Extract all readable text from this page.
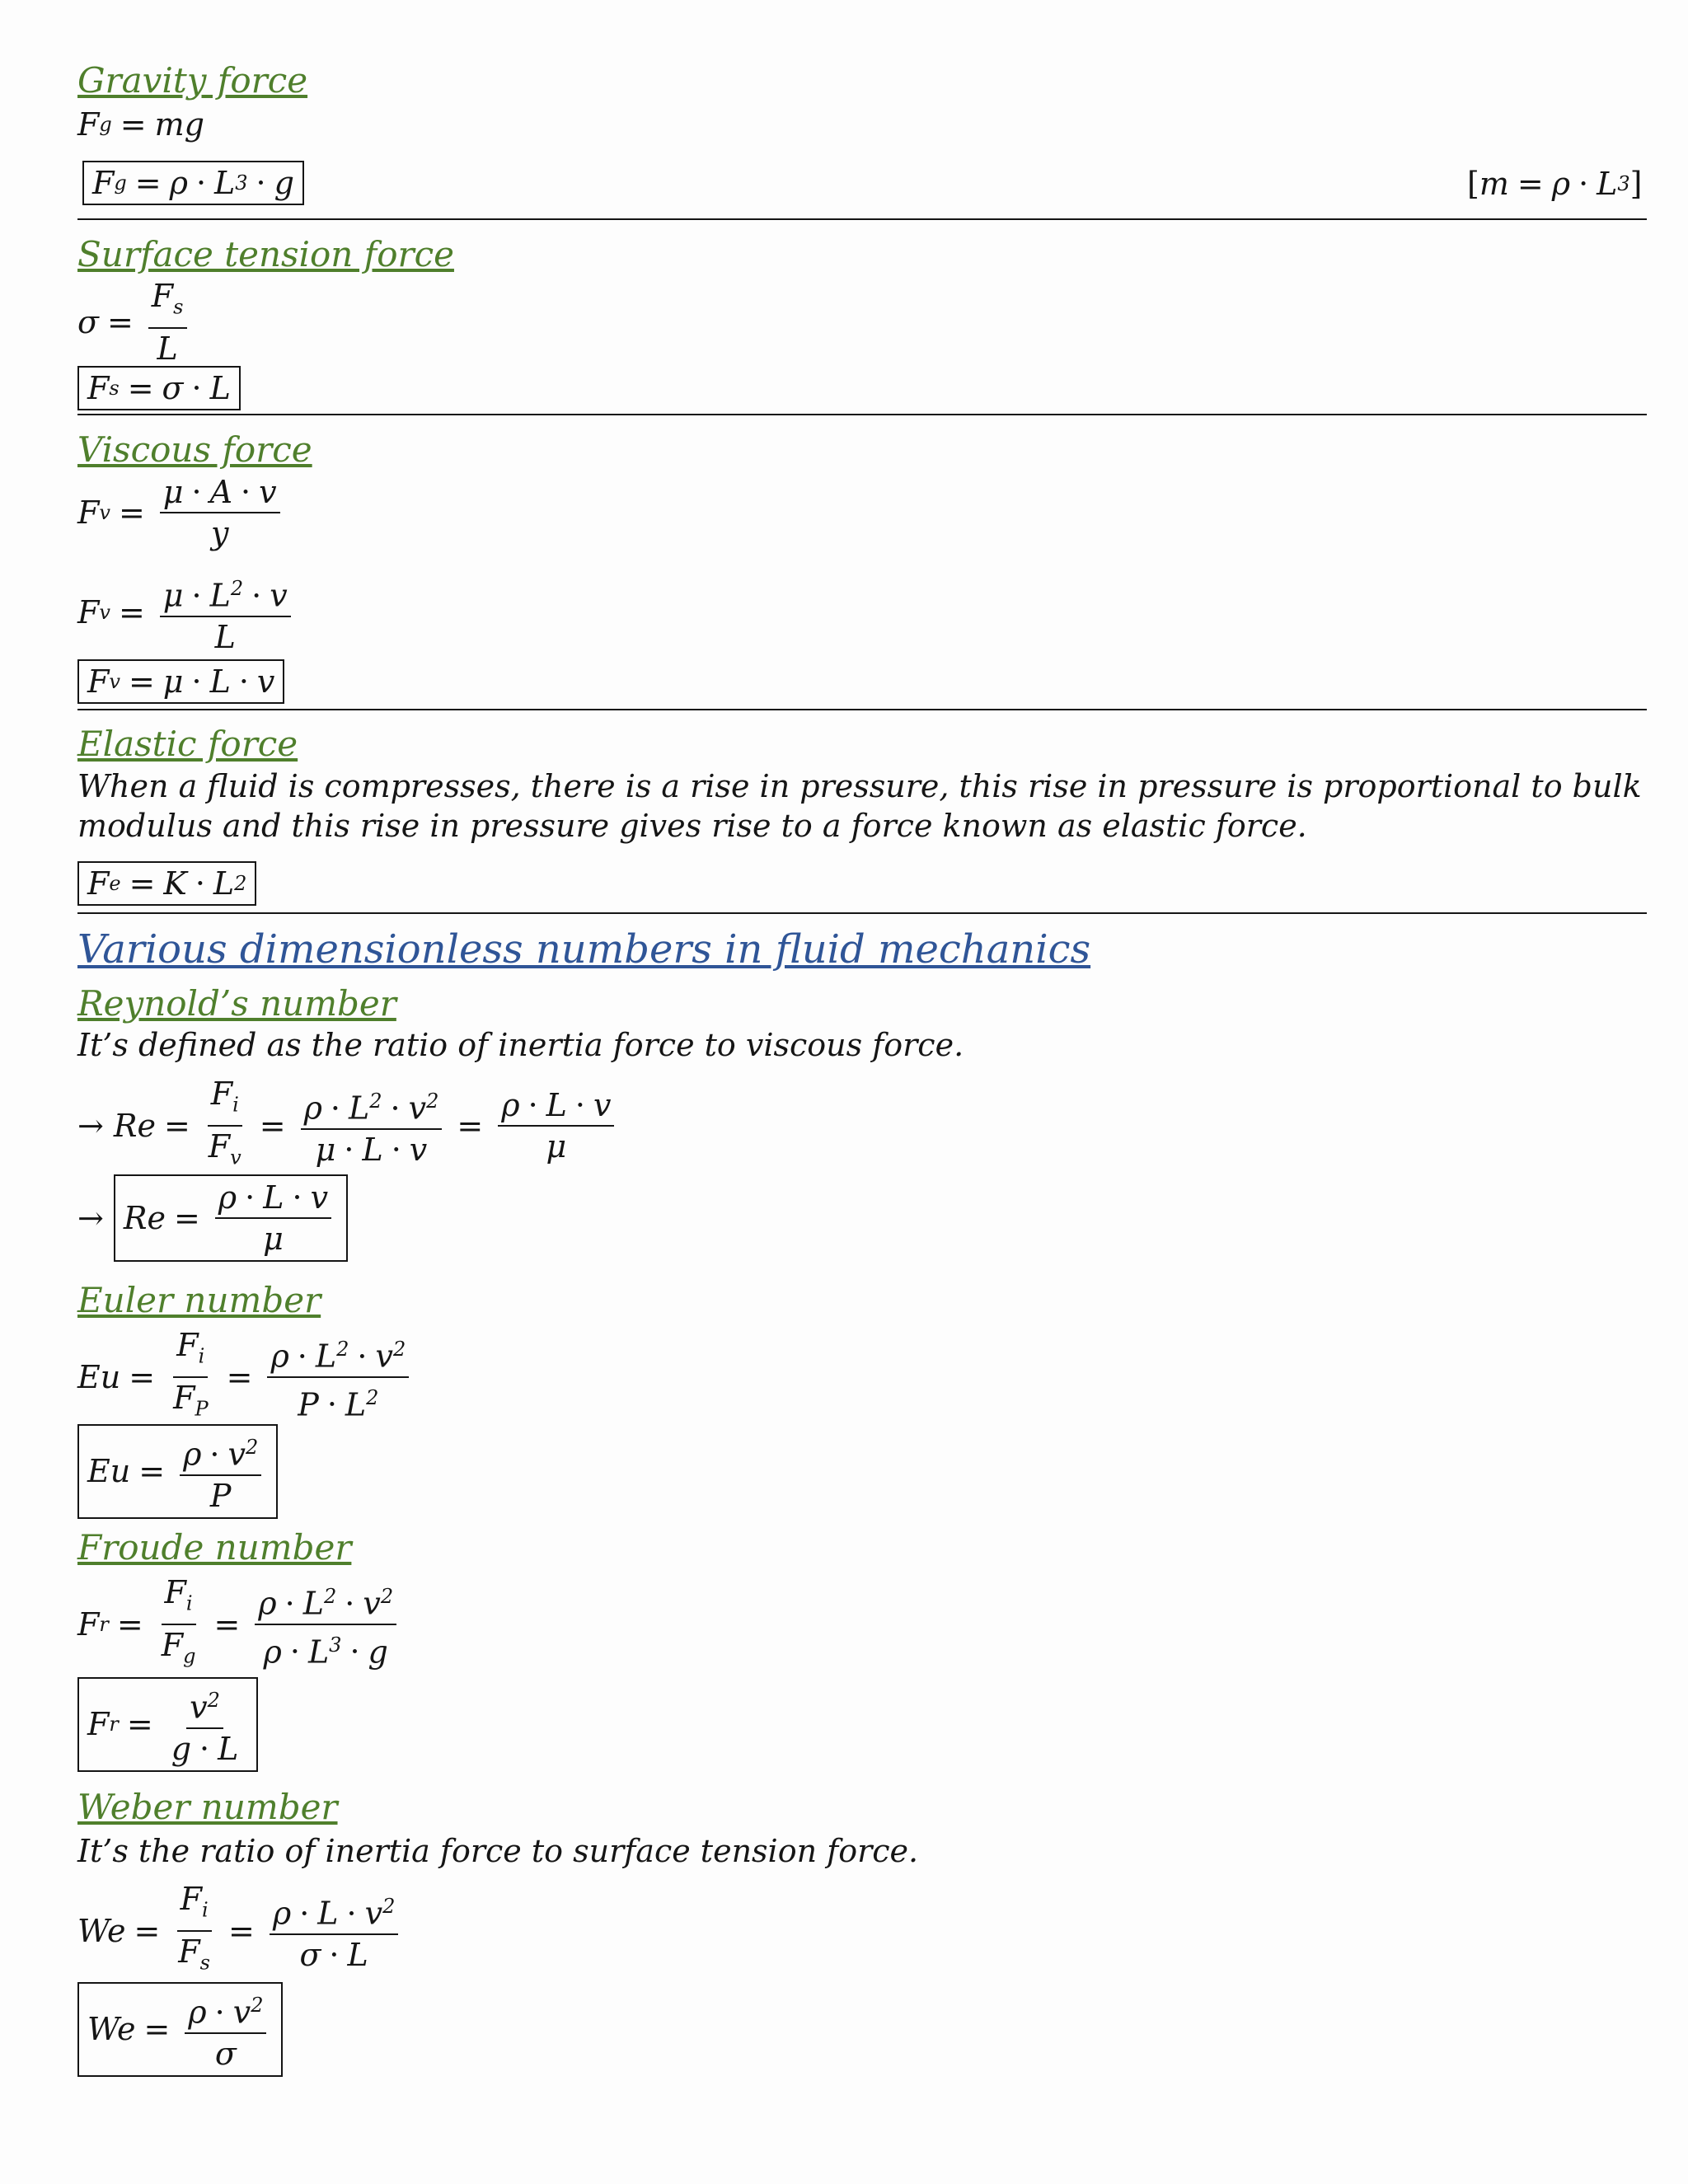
Gravity force
F g = mg
F g = ρ · L 3 · g	[ m = ρ · L 3 ]
Surface tension force
$\sigma = \frac{F_s}{L}$
F s = σ · L
Viscous force
F $v = \frac{\mu \cdot A \cdot v}{y}$
F $v = \frac{\mu \cdot L^2 \cdot v}{L}$
F v = μ · L · v
Elastic force
When a fluid is compresses, there is a rise in pressure, this rise in pressure is proportional to bulk modulus and this rise in pressure gives rise to a force known as elastic force.
F e = K · L 2
Various dimensionless numbers in fluid mechanics
Reynold’s number
It’s defined as the ratio of inertia force to viscous force.
→ $Re = \frac{F_i}{F_v} = \frac{\rho \cdot L^2 \cdot v^2}{\mu \cdot L \cdot v} = \frac{\rho \cdot L \cdot v}{\mu}$
→ $Re = \frac{\rho \cdot L \cdot v}{\mu}$
Euler number
$Eu = \frac{F_i}{F_P} = \frac{\rho \cdot L^2 \cdot v^2}{P \cdot L^2}$
$Eu = \frac{\rho \cdot v^2}{P}$
Froude number
F $r = \frac{F_i}{F_g} = \frac{\rho \cdot L^2 \cdot v^2}{\rho \cdot L^3 \cdot g}$
F $r = \frac{v^2}{g \cdot L}$
Weber number
It’s the ratio of inertia force to surface tension force.
$We = \frac{F_i}{F_s} = \frac{\rho \cdot L \cdot v^2}{\sigma \cdot L}$
$We = \frac{\rho \cdot v^2}{\sigma}$
